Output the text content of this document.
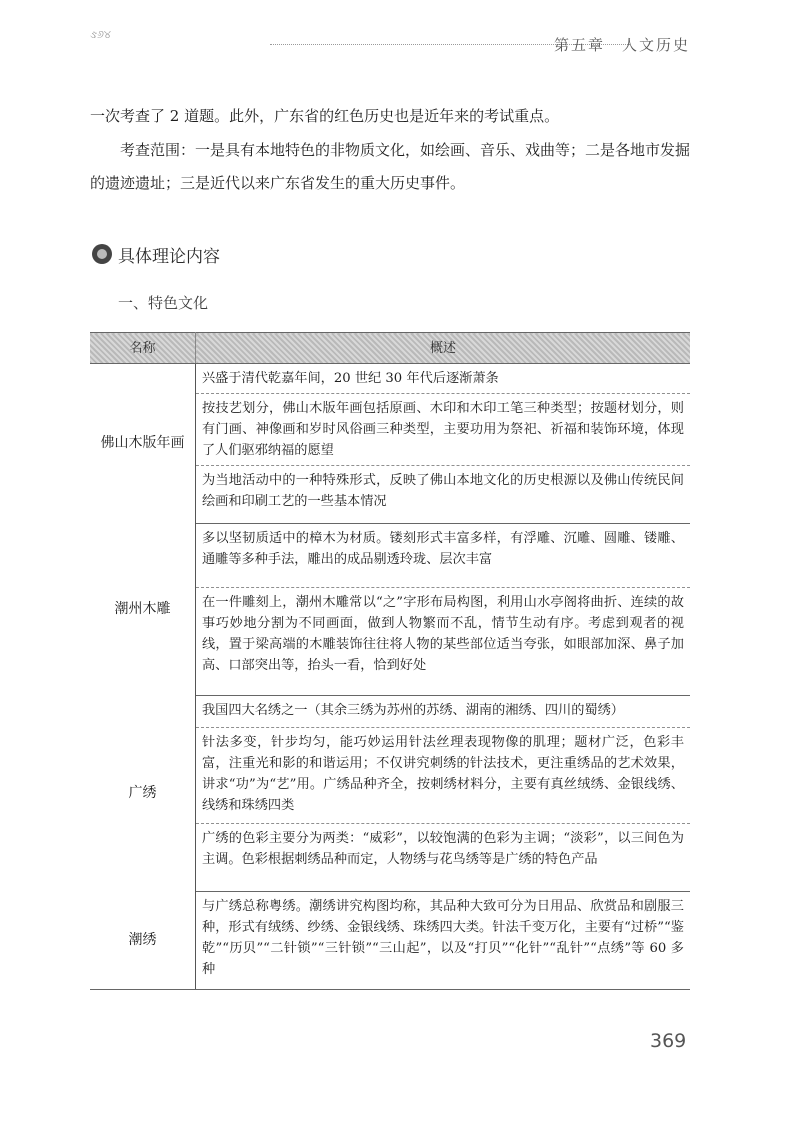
ઙ୬୪
第五章　人文历史

一次考查了 2 道题。此外，广东省的红色历史也是近年来的考试重点。

考查范围：一是具有本地特色的非物质文化，如绘画、音乐、戏曲等；二是各地市发掘的遗迹遗址；三是近代以来广东省发生的重大历史事件。

具体理论内容
一、特色文化
名称	概述
佛山木版年画	兴盛于清代乾嘉年间，20 世纪 30 年代后逐渐萧条
	按技艺划分，佛山木版年画包括原画、木印和木印工笔三种类型；按题材划分，则有门画、神像画和岁时风俗画三种类型，主要功用为祭祀、祈福和装饰环境，体现了人们驱邪纳福的愿望
	为当地活动中的一种特殊形式，反映了佛山本地文化的历史根源以及佛山传统民间绘画和印刷工艺的一些基本情况
潮州木雕	多以坚韧质适中的樟木为材质。镂刻形式丰富多样，有浮雕、沉雕、圆雕、镂雕、通雕等多种手法，雕出的成品剔透玲珑、层次丰富
	在一件雕刻上，潮州木雕常以“之”字形布局构图，利用山水亭阁将曲折、连续的故事巧妙地分割为不同画面，做到人物繁而不乱，情节生动有序。考虑到观者的视线，置于梁高端的木雕装饰往往将人物的某些部位适当夸张，如眼部加深、鼻子加高、口部突出等，抬头一看，恰到好处
广绣	我国四大名绣之一（其余三绣为苏州的苏绣、湖南的湘绣、四川的蜀绣）
	针法多变，针步均匀，能巧妙运用针法丝理表现物像的肌理；题材广泛，色彩丰富，注重光和影的和谐运用；不仅讲究刺绣的针法技术，更注重绣品的艺术效果，讲求“功”为“艺”用。广绣品种齐全，按刺绣材料分，主要有真丝绒绣、金银线绣、线绣和珠绣四类
	广绣的色彩主要分为两类：“威彩”，以较饱满的色彩为主调；“淡彩”，以三间色为主调。色彩根据刺绣品种而定，人物绣与花鸟绣等是广绣的特色产品
潮绣	与广绣总称粤绣。潮绣讲究构图均称，其品种大致可分为日用品、欣赏品和剧服三种，形式有绒绣、纱绣、金银线绣、珠绣四大类。针法千变万化，主要有“过桥”“鉴乾”“历贝”“二针锁”“三针锁”“三山起”，以及“打贝”“化针”“乱针”“点绣”等 60 多种
369
